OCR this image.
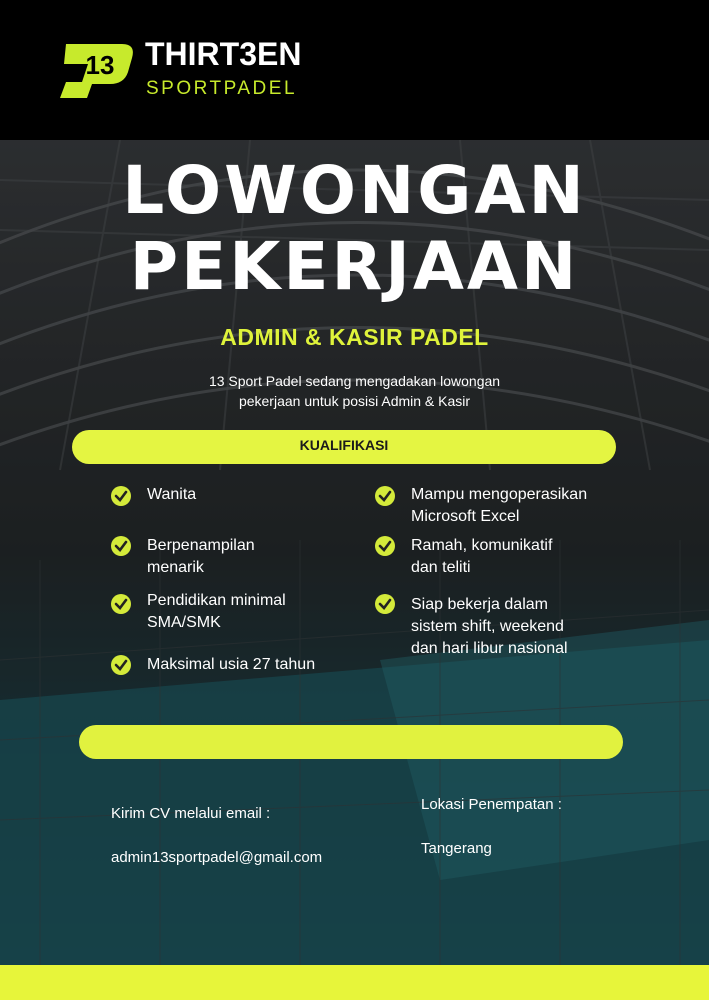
13 THIRT3EN
SPORTPADEL
LOWONGAN
PEKERJAAN
ADMIN & KASIR PADEL
13 Sport Padel sedang mengadakan lowongan
pekerjaan untuk posisi Admin & Kasir
KUALIFIKASI
Wanita
Berpenampilan
menarik
Pendidikan minimal
SMA/SMK
Maksimal usia 27 tahun
Mampu mengoperasikan
Microsoft Excel
Ramah, komunikatif
dan teliti
Siap bekerja dalam
sistem shift, weekend
dan hari libur nasional
Kirim CV melalui email :
admin13sportpadel@gmail.com
Lokasi Penempatan :
Tangerang
